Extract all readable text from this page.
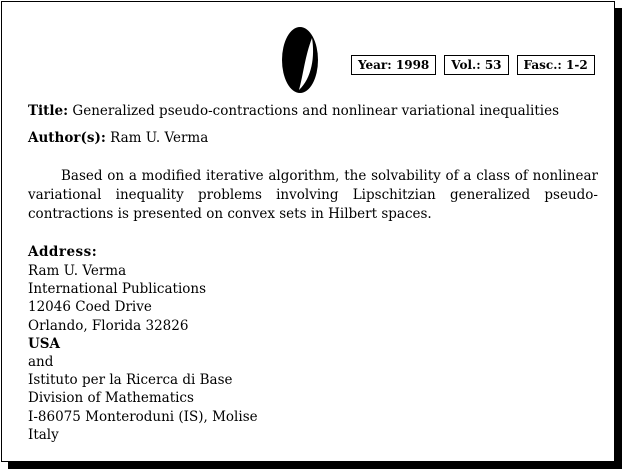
Year: 1998	Vol.: 53	Fasc.: 1-2
Title: Generalized pseudo-contractions and nonlinear variational inequalities
Author(s): Ram U. Verma

Based on a modified iterative algorithm, the solvability of a class of nonlinear variational inequality problems involving Lipschitzian generalized pseudo-contractions is presented on convex sets in Hilbert spaces.

Address:
Ram U. Verma
International Publications
12046 Coed Drive
Orlando, Florida 32826
USA
and
Istituto per la Ricerca di Base
Division of Mathematics
I-86075 Monteroduni (IS), Molise
Italy
